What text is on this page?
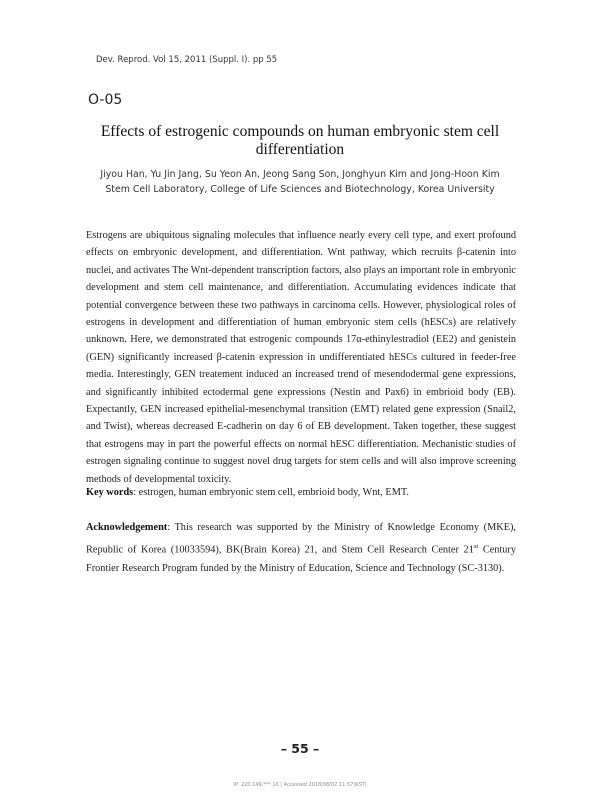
Dev. Reprod. Vol 15, 2011 (Suppl. I). pp 55
O-05
Effects of estrogenic compounds on human embryonic stem cell differentiation
Jiyou Han, Yu Jin Jang, Su Yeon An, Jeong Sang Son, Jonghyun Kim and Jong-Hoon Kim
Stem Cell Laboratory, College of Life Sciences and Biotechnology, Korea University
Estrogens are ubiquitous signaling molecules that influence nearly every cell type, and exert profound effects on embryonic development, and differentiation. Wnt pathway, which recruits β-catenin into nuclei, and activates The Wnt-dependent transcription factors, also plays an important role in embryonic development and stem cell maintenance, and differentiation. Accumulating evidences indicate that potential convergence between these two pathways in carcinoma cells. However, physiological roles of estrogens in development and differentiation of human embryonic stem cells (hESCs) are relatively unknown. Here, we demonstrated that estrogenic compounds 17α-ethinylestradiol (EE2) and genistein (GEN) significantly increased β-catenin expression in undifferentiated hESCs cultured in feeder-free media. Interestingly, GEN treatement induced an increased trend of mesendodermal gene expressions, and significantly inhibited ectodermal gene expressions (Nestin and Pax6) in embrioid body (EB). Expectantly, GEN increased epithelial-mesenchymal transition (EMT) related gene expression (Snail2, and Twist), whereas decreased E-cadherin on day 6 of EB development. Taken together, these suggest that estrogens may in part the powerful effects on normal hESC differentiation. Mechanistic studies of estrogen signaling continue to suggest novel drug targets for stem cells and will also improve screening methods of developmental toxicity.
Key words: estrogen, human embryonic stem cell, embrioid body, Wnt, EMT.
Acknowledgement: This research was supported by the Ministry of Knowledge Economy (MKE), Republic of Korea (10033594), BK(Brain Korea) 21, and Stem Cell Research Center 21st Century Frontier Research Program funded by the Ministry of Education, Science and Technology (SC-3130).
– 55 –
IP: 220.149.***.10 | Accessed 2018/08/02 11:57(KST)
